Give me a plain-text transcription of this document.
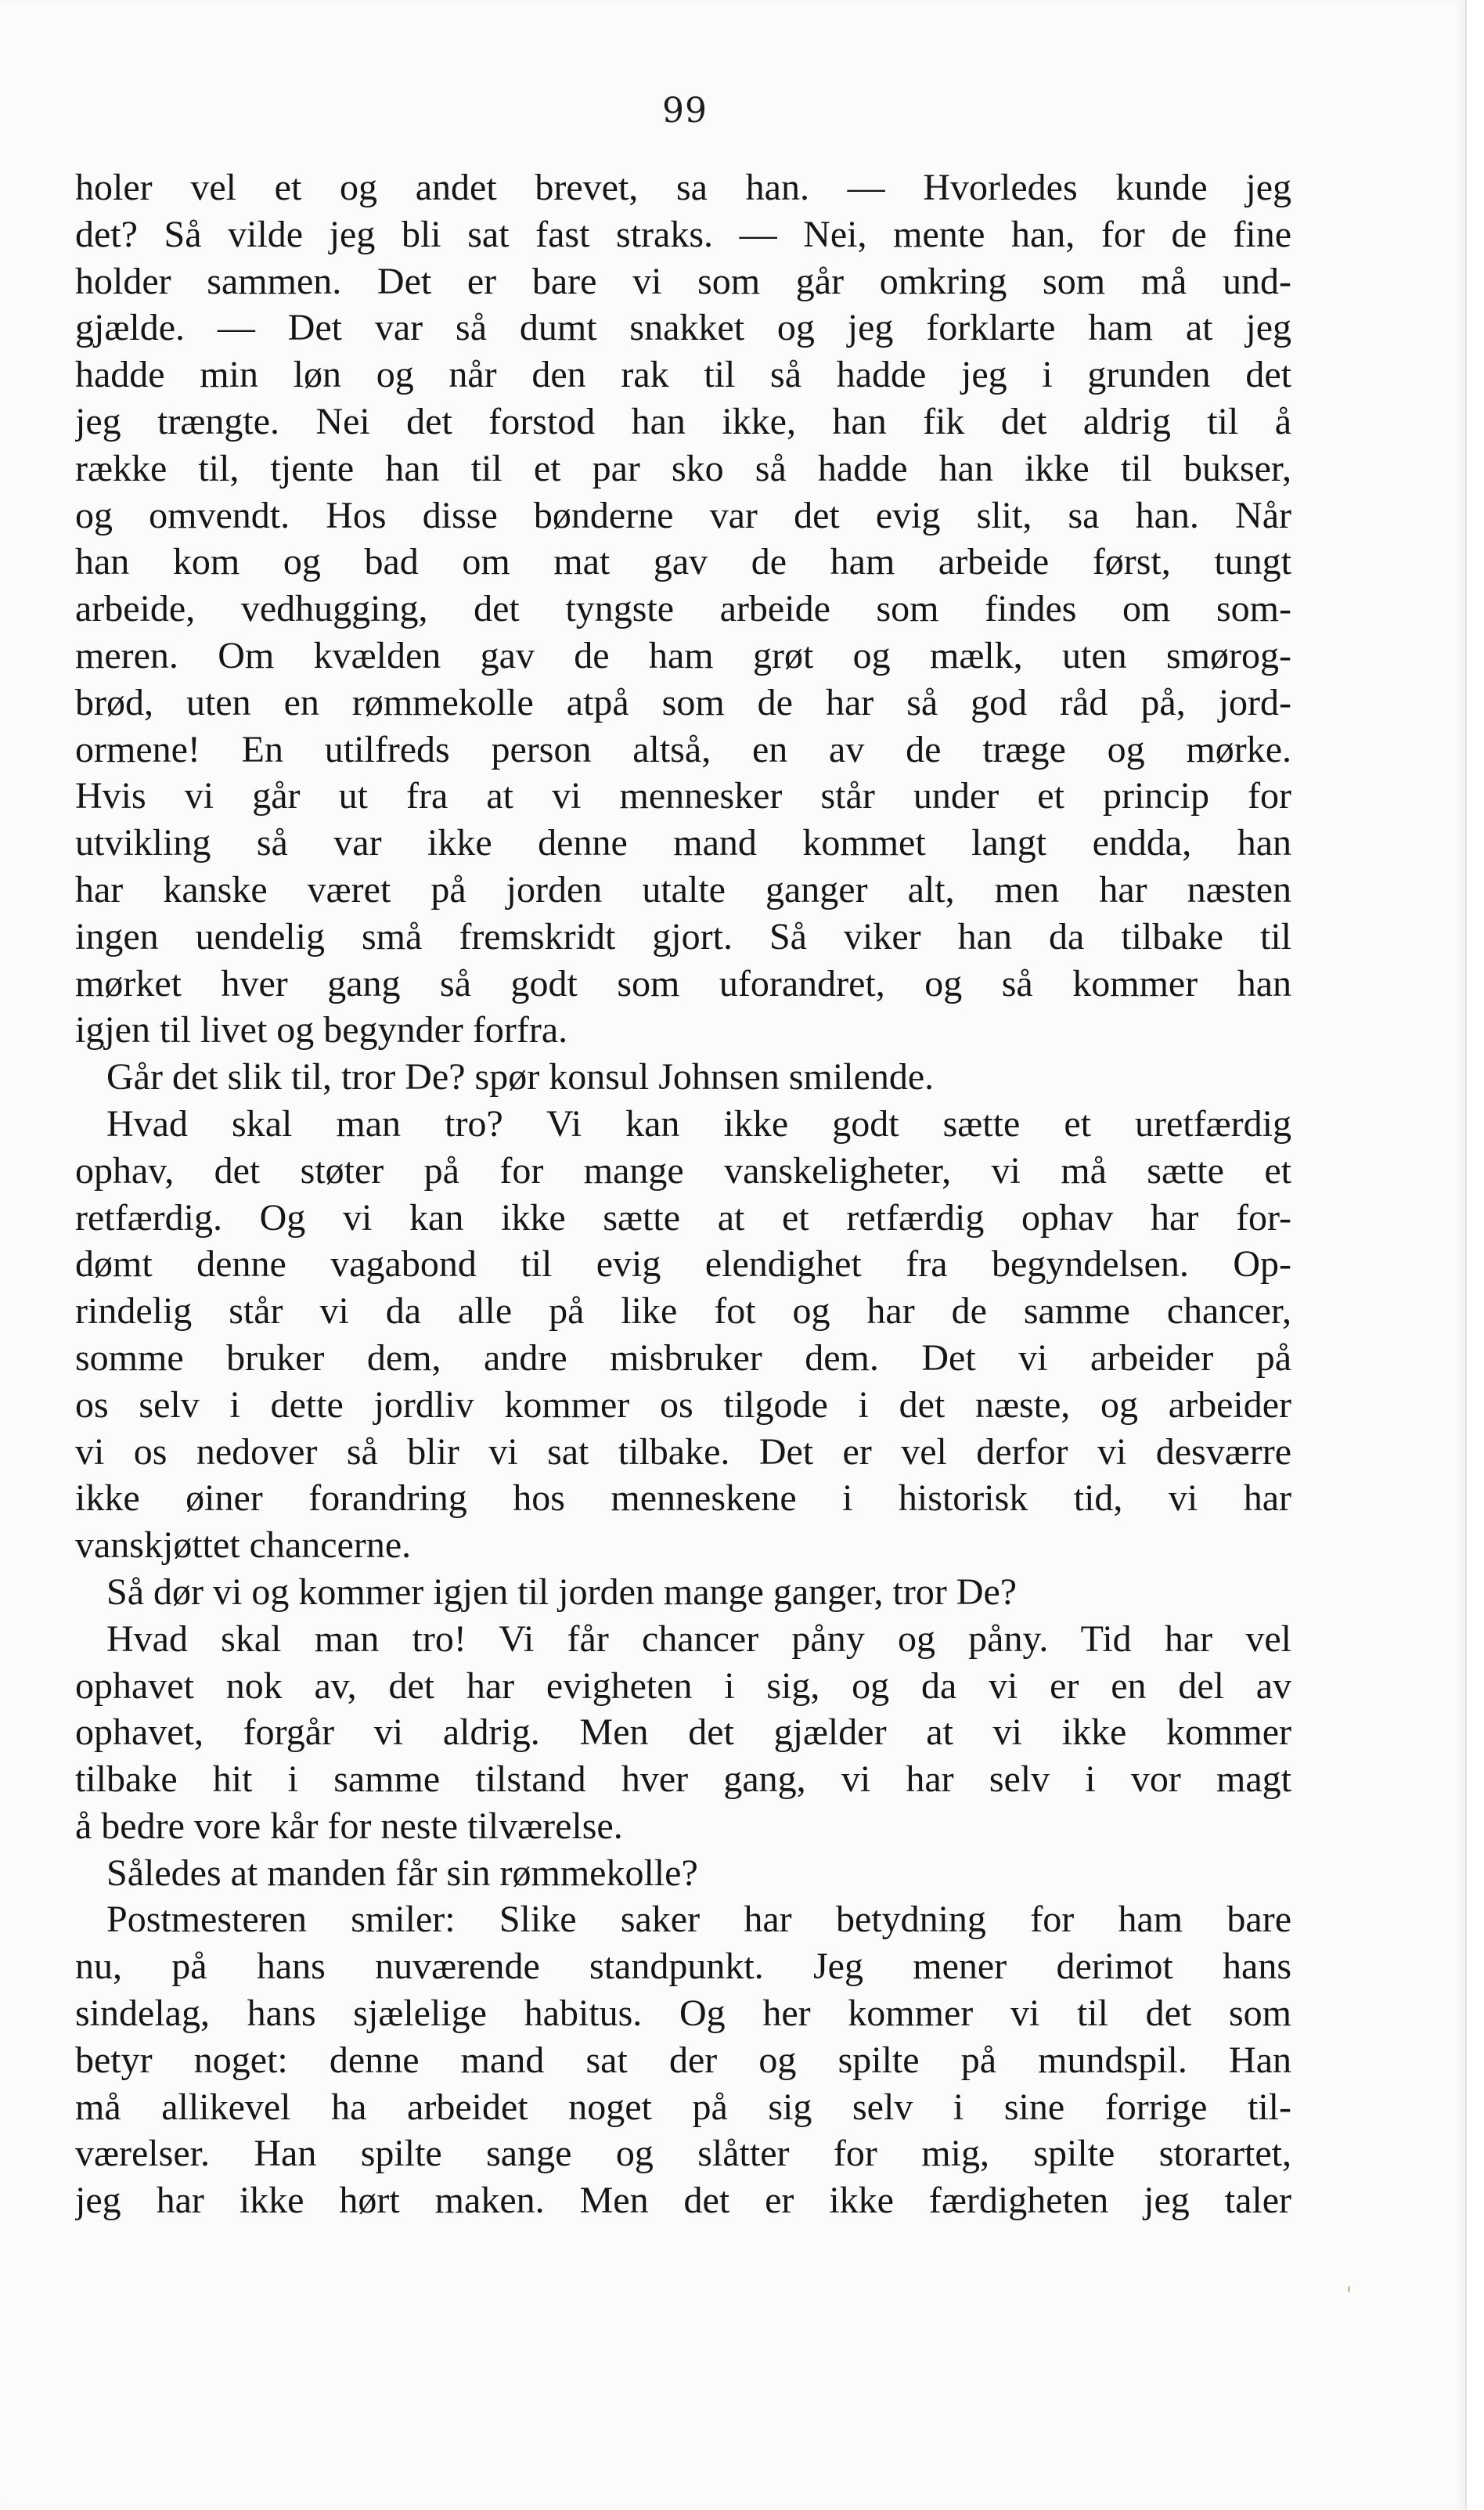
99
holer vel et og andet brevet, sa han. — Hvorledes kunde jeg
det? Så vilde jeg bli sat fast straks. — Nei, mente han, for de fine
holder sammen. Det er bare vi som går omkring som må und-
gjælde. — Det var så dumt snakket og jeg forklarte ham at jeg
hadde min løn og når den rak til så hadde jeg i grunden det
jeg trængte. Nei det forstod han ikke, han fik det aldrig til å
række til, tjente han til et par sko så hadde han ikke til bukser,
og omvendt. Hos disse bønderne var det evig slit, sa han. Når
han kom og bad om mat gav de ham arbeide først, tungt
arbeide, vedhugging, det tyngste arbeide som findes om som-
meren. Om kvælden gav de ham grøt og mælk, uten smørog-
brød, uten en rømmekolle atpå som de har så god råd på, jord-
ormene! En utilfreds person altså, en av de træge og mørke.
Hvis vi går ut fra at vi mennesker står under et princip for
utvikling så var ikke denne mand kommet langt endda, han
har kanske været på jorden utalte ganger alt, men har næsten
ingen uendelig små fremskridt gjort. Så viker han da tilbake til
mørket hver gang så godt som uforandret, og så kommer han
igjen til livet og begynder forfra.
Går det slik til, tror De? spør konsul Johnsen smilende.
Hvad skal man tro? Vi kan ikke godt sætte et uretfærdig
ophav, det støter på for mange vanskeligheter, vi må sætte et
retfærdig. Og vi kan ikke sætte at et retfærdig ophav har for-
dømt denne vagabond til evig elendighet fra begyndelsen. Op-
rindelig står vi da alle på like fot og har de samme chancer,
somme bruker dem, andre misbruker dem. Det vi arbeider på
os selv i dette jordliv kommer os tilgode i det næste, og arbeider
vi os nedover så blir vi sat tilbake. Det er vel derfor vi desværre
ikke øiner forandring hos menneskene i historisk tid, vi har
vanskjøttet chancerne.
Så dør vi og kommer igjen til jorden mange ganger, tror De?
Hvad skal man tro! Vi får chancer påny og påny. Tid har vel
ophavet nok av, det har evigheten i sig, og da vi er en del av
ophavet, forgår vi aldrig. Men det gjælder at vi ikke kommer
tilbake hit i samme tilstand hver gang, vi har selv i vor magt
å bedre vore kår for neste tilværelse.
Således at manden får sin rømmekolle?
Postmesteren smiler: Slike saker har betydning for ham bare
nu, på hans nuværende standpunkt. Jeg mener derimot hans
sindelag, hans sjælelige habitus. Og her kommer vi til det som
betyr noget: denne mand sat der og spilte på mundspil. Han
må allikevel ha arbeidet noget på sig selv i sine forrige til-
værelser. Han spilte sange og slåtter for mig, spilte storartet,
jeg har ikke hørt maken. Men det er ikke færdigheten jeg taler
